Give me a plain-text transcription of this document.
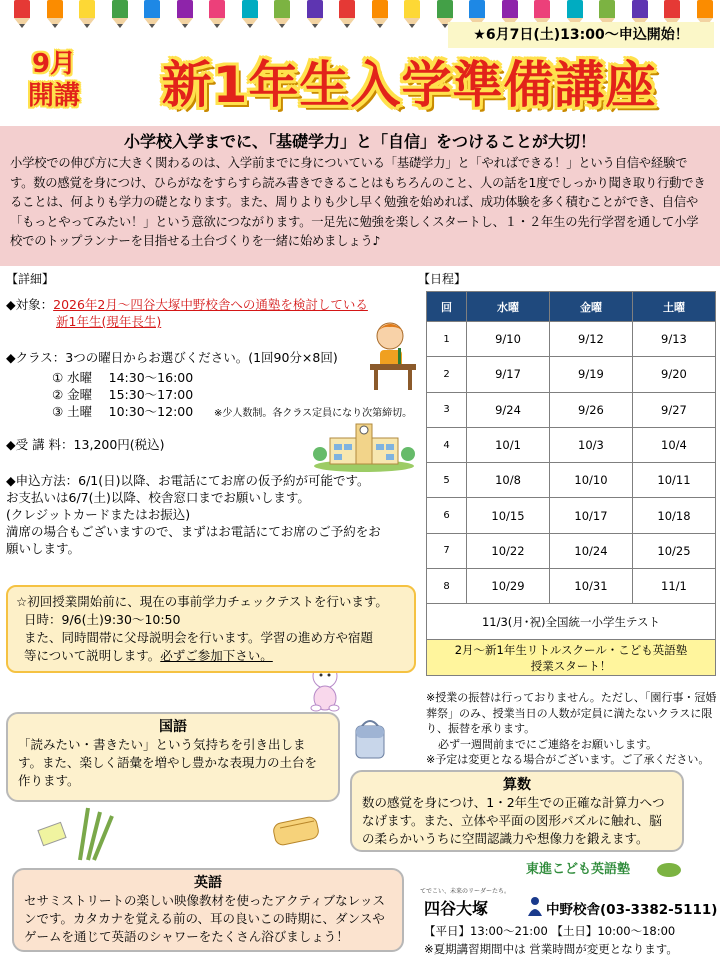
★6月7日(土)13:00〜申込開始！
9月
開講	新1年生入学準備講座
小学校入学までに、「基礎学力」と「自信」をつけることが大切！
小学校での伸び方に大きく関わるのは、入学前までに身についている「基礎学力」と「やればできる！」という自信や経験です。数の感覚を身につけ、ひらがなをすらすら読み書きできることはもちろんのこと、人の話を1度でしっかり聞き取り行動できることは、何よりも学力の礎となります。また、周りよりも少し早く勉強を始めれば、成功体験を多く積むことができ、自信や「もっとやってみたい！」という意欲につながります。一足先に勉強を楽しくスタートし、１・２年生の先行学習を通して小学校でのトップランナーを目指せる土台づくりを一緒に始めましょう♪
【詳細】
◆対象：2026年2月〜四谷大塚中野校舎への通塾を検討している
新1年生(現年長生)
◆クラス：3つの曜日からお選びください。(1回90分×8回)
① 水曜　 14:30〜16:00
② 金曜　 15:30〜17:00
③ 土曜　 10:30〜12:00 ※少人数制。各クラス定員になり次第締切。
◆受 講 料：13,200円(税込)
◆申込方法：6/1(日)以降、お電話にてお席の仮予約が可能です。
お支払いは6/7(土)以降、校舎窓口までお願いします。
(クレジットカードまたはお振込)
満席の場合もございますので、まずはお電話にてお席のご予約をお
願いします。
【日程】
回	水曜	金曜	土曜
1	9/10	9/12	9/13
2	9/17	9/19	9/20
3	9/24	9/26	9/27
4	10/1	10/3	10/4
5	10/8	10/10	10/11
6	10/15	10/17	10/18
7	10/22	10/24	10/25
8	10/29	10/31	11/1
11/3(月･祝)全国統一小学生テスト			

2月〜新1年生リトルスクール・こども英語塾
授業スタート！			
※授業の振替は行っておりません。ただし、「園行事・冠婚葬祭」のみ、授業当日の人数が定員に満たないクラスに限り、振替を承ります。
必ず一週間前までにご連絡をお願いします。
※予定は変更となる場合がございます。ご了承ください。
☆初回授業開始前に、現在の事前学力チェックテストを行います。
日時：9/6(土)9:30〜10:50
また、同時間帯に父母説明会を行います。学習の進め方や宿題
等について説明します。必ずご参加下さい。
国語
「読みたい・書きたい」という気持ちを引き出します。また、楽しく語彙を増やし豊かな表現力の土台を作ります。	算数
数の感覚を身につけ、1・2年生での正確な計算力へつなげます。また、立体や平面の図形パズルに触れ、脳の柔らかいうちに空間認識力や想像力を鍛えます。
英語
セサミストリートの楽しい映像教材を使ったアクティブなレッスンです。カタカナを覚える前の、耳の良いこの時期に、ダンスやゲームを通じて英語のシャワーをたくさん浴びましょう！
東進こども英語塾
てでこい、未来のリーダーたち。
四谷大塚	中野校舎(03-3382-5111)
【平日】13:00〜21:00 【土日】10:00〜18:00
※夏期講習期間中は 営業時間が変更となります。
